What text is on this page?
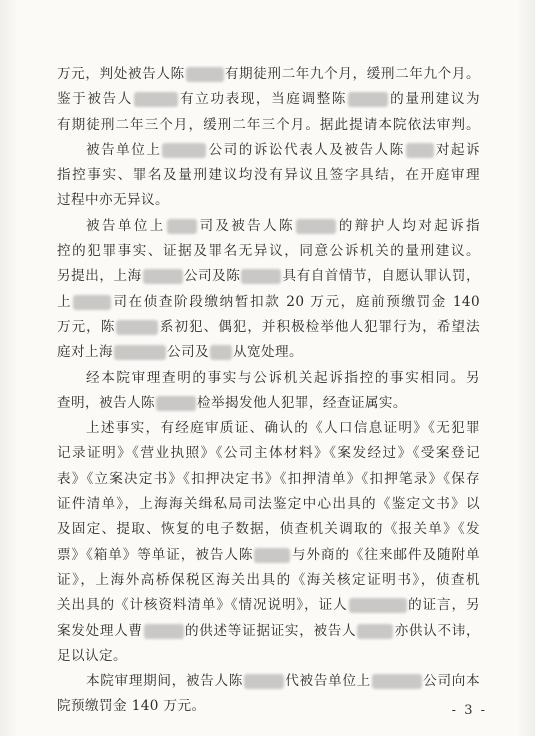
万元，判处被告人陈	有期徒刑二年九个月，缓刑二年九个月。

鉴于被告人	有立功表现，当庭调整陈	的量刑建议为

有期徒刑二年三个月，缓刑二年三个月。据此提请本院依法审判。

被告单位上	公司的诉讼代表人及被告人陈 对起诉

指控事实、罪名及量刑建议均没有异议且签字具结，在开庭审理

过程中亦无异议。

被告单位上 司及被告人陈	的辩护人均对起诉指

控的犯罪事实、证据及罪名无异议，同意公诉机关的量刑建议。

另提出，上海	公司及陈	具有自首情节，自愿认罪认罚，

上	司在侦查阶段缴纳暂扣款 20 万元，庭前预缴罚金 140

万元，陈	系初犯、偶犯，并积极检举他人犯罪行为，希望法

庭对上海	公司及 从宽处理。

经本院审理查明的事实与公诉机关起诉指控的事实相同。另

查明，被告人陈	检举揭发他人犯罪，经查证属实。

上述事实，有经庭审质证、确认的《人口信息证明》《无犯罪

记录证明》《营业执照》《公司主体材料》《案发经过》《受案登记

表》《立案决定书》《扣押决定书》《扣押清单》《扣押笔录》《保存

证件清单》，上海海关缉私局司法鉴定中心出具的《鉴定文书》以

及固定、提取、恢复的电子数据，侦查机关调取的《报关单》《发

票》《箱单》等单证，被告人陈	与外商的《往来邮件及随附单

证》，上海外高桥保税区海关出具的《海关核定证明书》，侦查机

关出具的《计核资料清单》《情况说明》，证人	的证言，另

案发处理人曹	的供述等证据证实，被告人	亦供认不讳，

足以认定。

本院审理期间，被告人陈	代被告单位上	公司向本

院预缴罚金 140 万元。	- 3 -
